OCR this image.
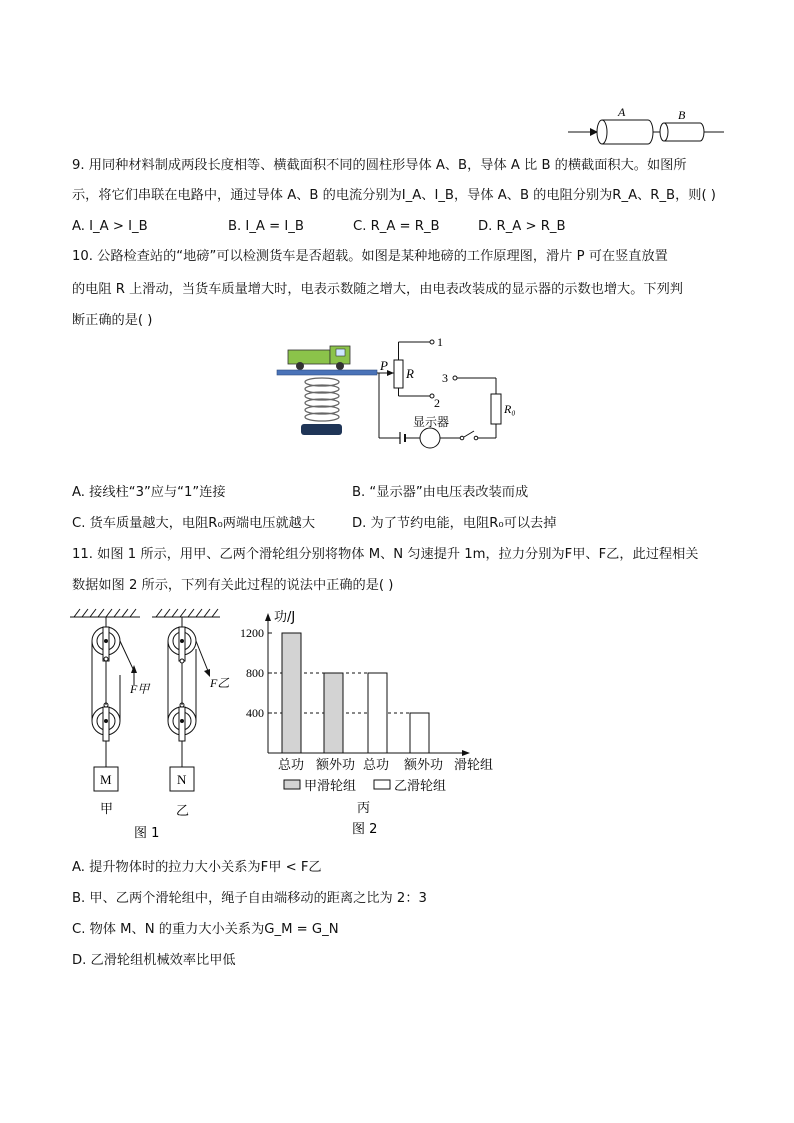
A	B
9. 用同种材料制成两段长度相等、横截面积不同的圆柱形导体 A、B，导体 A 比 B 的横截面积大。如图所
示，将它们串联在电路中，通过导体 A、B 的电流分别为I_A、I_B，导体 A、B 的电阻分别为R_A、R_B，则( )
A. I_A > I_B	B. I_A = I_B	C. R_A = R_B	D. R_A > R_B
10. 公路检查站的“地磅”可以检测货车是否超载。如图是某种地磅的工作原理图，滑片 P 可在竖直放置
的电阻 R 上滑动，当货车质量增大时，电表示数随之增大，由电表改装成的显示器的示数也增大。下列判
断正确的是( )
P
R
1
2
3
R₀
显示器
A. 接线柱“3”应与“1”连接	B. “显示器”由电压表改装而成
C. 货车质量越大，电阻R₀两端电压就越大	D. 为了节约电能，电阻R₀可以去掉
11. 如图 1 所示，用甲、乙两个滑轮组分别将物体 M、N 匀速提升 1m，拉力分别为F甲、F乙，此过程相关
数据如图 2 所示，下列有关此过程的说法中正确的是( )
F甲	F乙
M	N
甲	乙
图 1
功/J
400
800
1200
总功 额外功 总功 额外功 滑轮组
甲滑轮组	乙滑轮组
丙
图 2
A. 提升物体时的拉力大小关系为F甲 < F乙
B. 甲、乙两个滑轮组中，绳子自由端移动的距离之比为 2：3
C. 物体 M、N 的重力大小关系为G_M = G_N
D. 乙滑轮组机械效率比甲低
